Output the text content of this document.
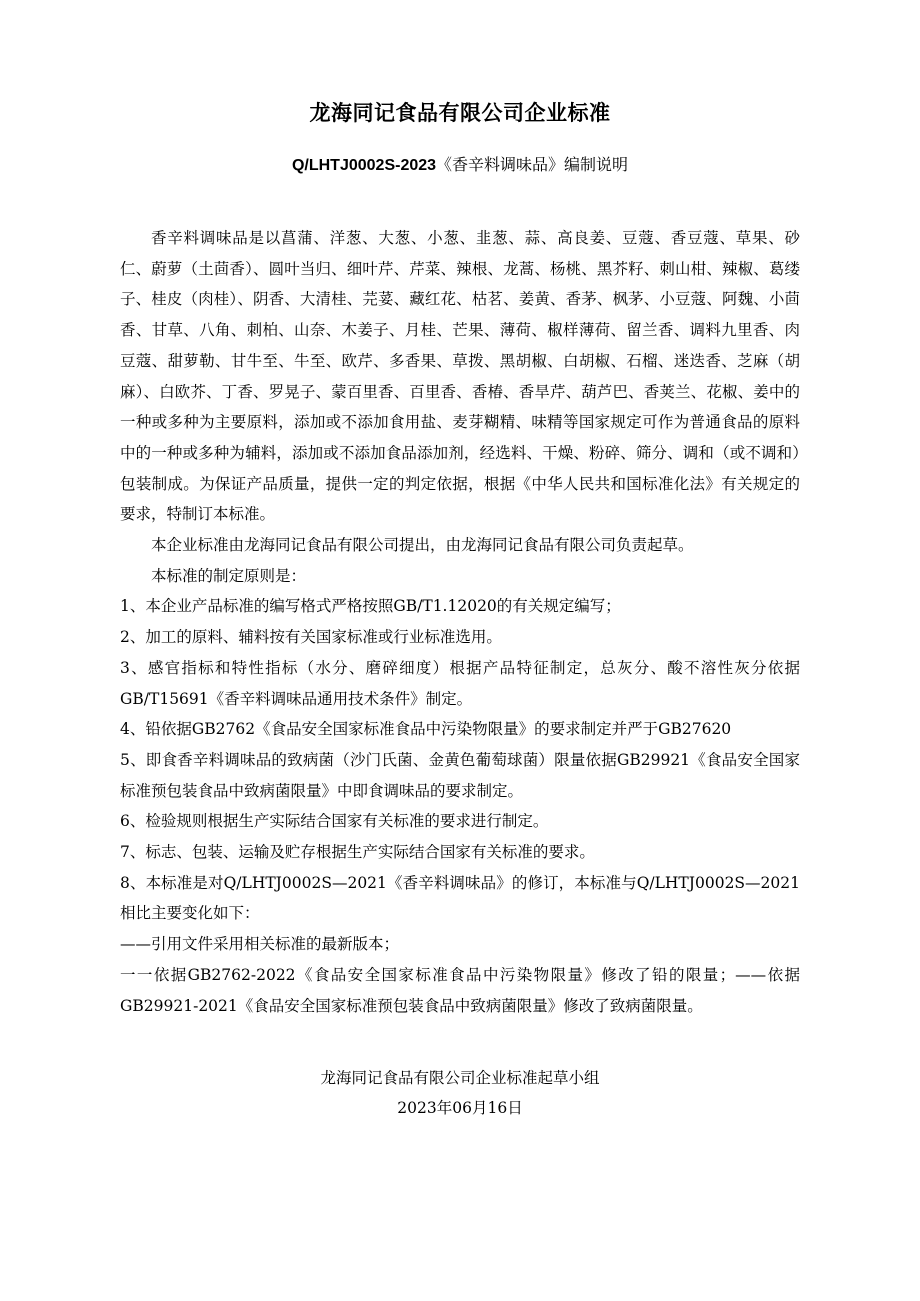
龙海同记食品有限公司企业标准
Q/LHTJ0002S-2023《香辛料调味品》编制说明

香辛料调味品是以菖蒲、洋葱、大葱、小葱、韭葱、蒜、高良姜、豆蔻、香豆蔻、草果、砂仁、蔚萝（土茴香）、圆叶当归、细叶芹、芹菜、辣根、龙蒿、杨桃、黑芥籽、刺山柑、辣椒、葛缕子、桂皮（肉桂）、阴香、大清桂、芫荽、藏红花、枯茗、姜黄、香茅、枫茅、小豆蔻、阿魏、小茴香、甘草、八角、刺柏、山奈、木姜子、月桂、芒果、薄荷、椒样薄荷、留兰香、调料九里香、肉豆蔻、甜萝勒、甘牛至、牛至、欧芹、多香果、草拨、黑胡椒、白胡椒、石榴、迷迭香、芝麻（胡麻）、白欧芥、丁香、罗晃子、蒙百里香、百里香、香椿、香旱芹、葫芦巴、香荚兰、花椒、姜中的一种或多种为主要原料，添加或不添加食用盐、麦芽糊精、味精等国家规定可作为普通食品的原料中的一种或多种为辅料，添加或不添加食品添加剂，经选料、干燥、粉碎、筛分、调和（或不调和）包装制成。为保证产品质量，提供一定的判定依据，根据《中华人民共和国标准化法》有关规定的要求，特制订本标准。

本企业标准由龙海同记食品有限公司提出，由龙海同记食品有限公司负责起草。

本标准的制定原则是：

1、本企业产品标准的编写格式严格按照GB/T1.12020的有关规定编写；

2、加工的原料、辅料按有关国家标准或行业标准选用。

3、感官指标和特性指标（水分、磨碎细度）根据产品特征制定，总灰分、酸不溶性灰分依据GB/T15691《香辛料调味品通用技术条件》制定。

4、铅依据GB2762《食品安全国家标准食品中污染物限量》的要求制定并严于GB27620

5、即食香辛料调味品的致病菌（沙门氏菌、金黄色葡萄球菌）限量依据GB29921《食品安全国家标准预包装食品中致病菌限量》中即食调味品的要求制定。

6、检验规则根据生产实际结合国家有关标准的要求进行制定。

7、标志、包装、运输及贮存根据生产实际结合国家有关标准的要求。

8、本标准是对Q/LHTJ0002S—2021《香辛料调味品》的修订，本标准与Q/LHTJ0002S—2021相比主要变化如下：

——引用文件采用相关标准的最新版本；

一一依据GB2762-2022《食品安全国家标准食品中污染物限量》修改了铅的限量；——依据GB29921-2021《食品安全国家标准预包装食品中致病菌限量》修改了致病菌限量。

龙海同记食品有限公司企业标准起草小组
2023年06月16日
